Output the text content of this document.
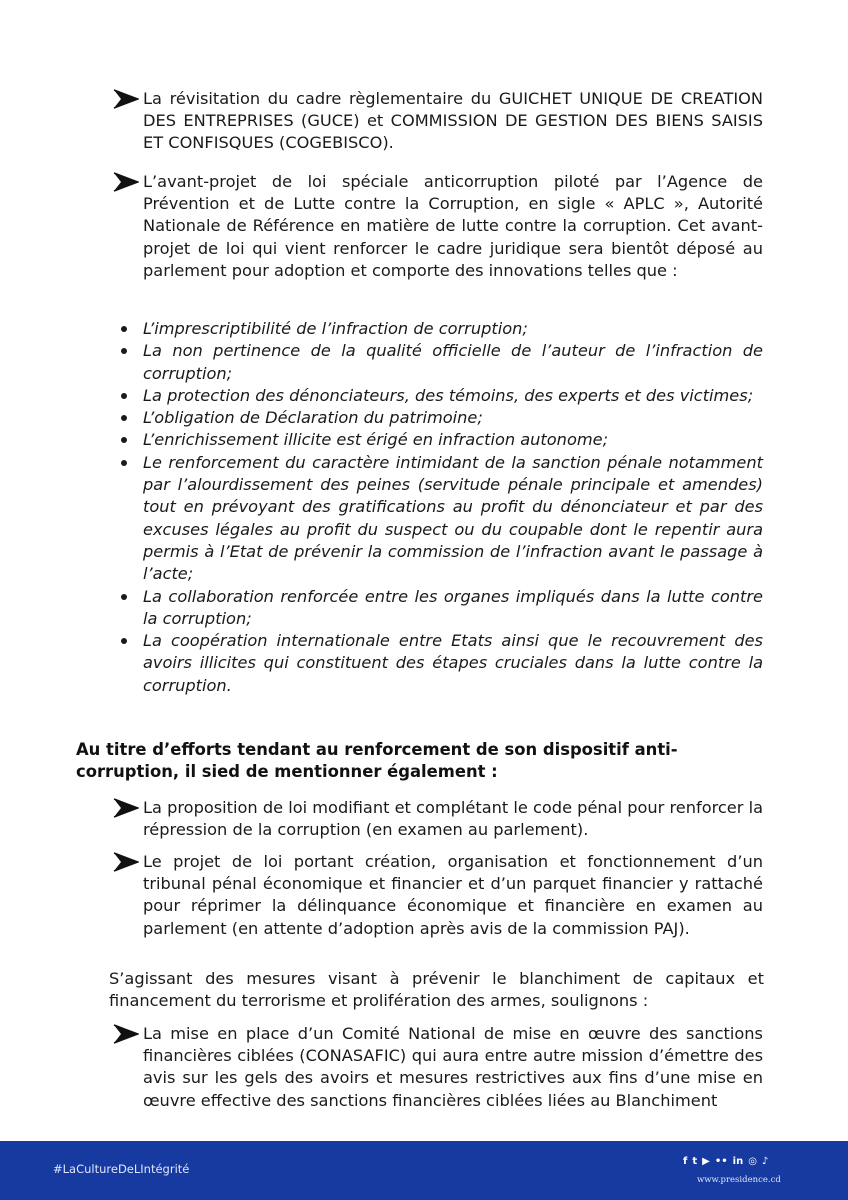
La révisitation du cadre règlementaire du GUICHET UNIQUE DE CREATION DES ENTREPRISES (GUCE) et COMMISSION DE GESTION DES BIENS SAISIS ET CONFISQUES (COGEBISCO).
L’avant-projet de loi spéciale anticorruption piloté par l’Agence de Prévention et de Lutte contre la Corruption, en sigle « APLC », Autorité Nationale de Référence en matière de lutte contre la corruption. Cet avant-projet de loi qui vient renforcer le cadre juridique sera bientôt déposé au parlement pour adoption et comporte des innovations telles que :
L’imprescriptibilité de l’infraction de corruption;
La non pertinence de la qualité officielle de l’auteur de l’infraction de corruption;
La protection des dénonciateurs, des témoins, des experts et des victimes;
L’obligation de Déclaration du patrimoine;
L’enrichissement illicite est érigé en infraction autonome;
Le renforcement du caractère intimidant de la sanction pénale notamment par l’alourdissement des peines (servitude pénale principale et amendes) tout en prévoyant des gratifications au profit du dénonciateur et par des excuses légales au profit du suspect ou du coupable dont le repentir aura permis à l’Etat de prévenir la commission de l’infraction avant le passage à l’acte;
La collaboration renforcée entre les organes impliqués dans la lutte contre la corruption;
La coopération internationale entre Etats ainsi que le recouvrement des avoirs illicites qui constituent des étapes cruciales dans la lutte contre la corruption.
Au titre d’efforts tendant au renforcement de son dispositif anti-corruption, il sied de mentionner également :
La proposition de loi modifiant et complétant le code pénal pour renforcer la répression de la corruption (en examen au parlement).
Le projet de loi portant création, organisation et fonctionnement d’un tribunal pénal économique et financier et d’un parquet financier y rattaché pour réprimer la délinquance économique et financière en examen au parlement (en attente d’adoption après avis de la commission PAJ).
S’agissant des mesures visant à prévenir le blanchiment de capitaux et financement du terrorisme et prolifération des armes, soulignons :
La mise en place d’un Comité National de mise en œuvre des sanctions financières ciblées (CONASAFIC) qui aura entre autre mission d’émettre des avis sur les gels des avoirs et mesures restrictives aux fins d’une mise en œuvre effective des sanctions financières ciblées liées au Blanchiment
#LaCultureDeLIntégrité
f t ▶ •• in ◎ ♪
www.presidence.cd
